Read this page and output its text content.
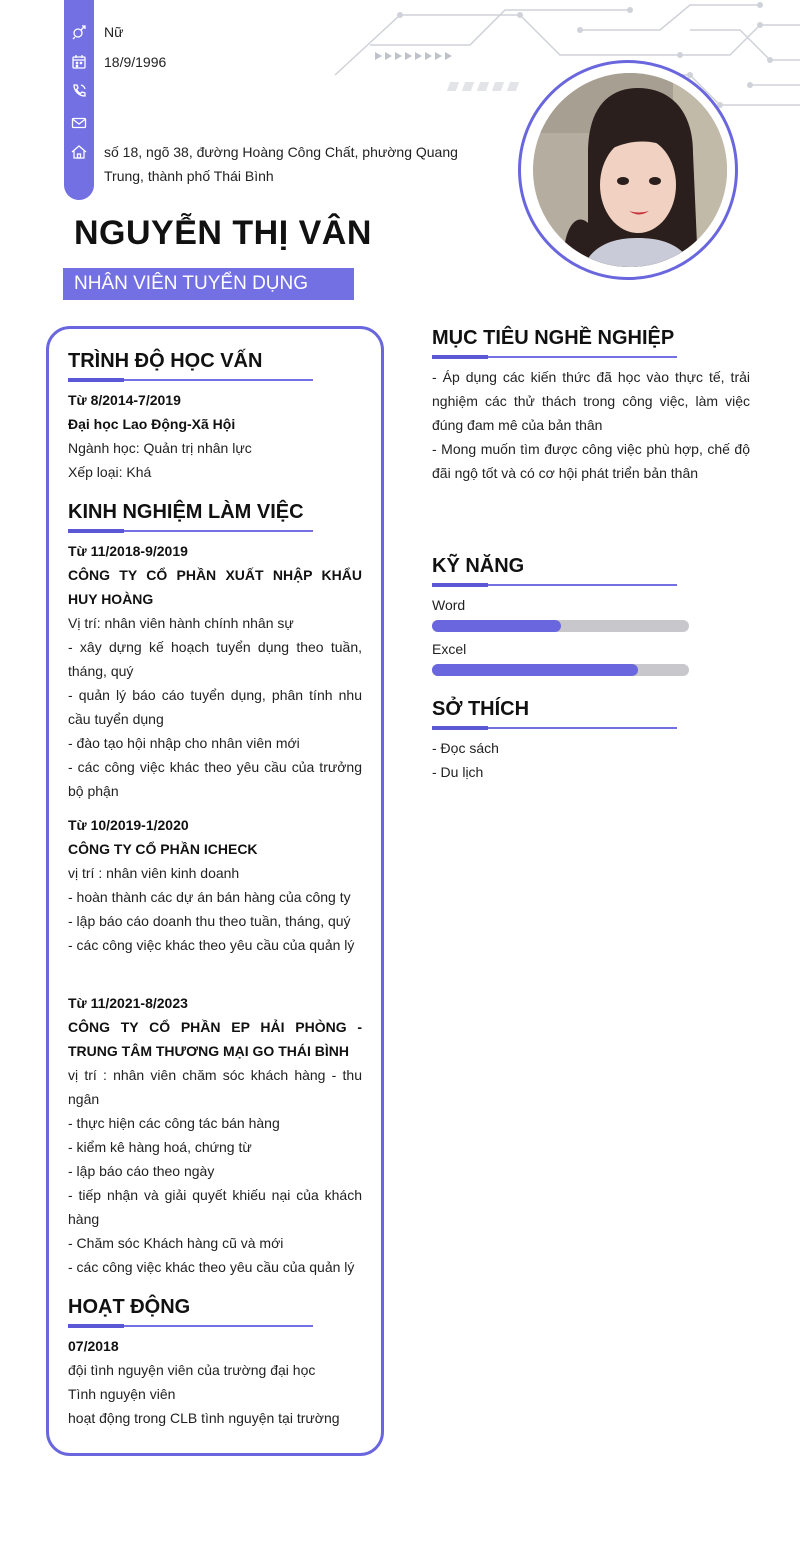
Nữ
18/9/1996
số 18, ngõ 38, đường Hoàng Công Chất, phường Quang
Trung, thành phố Thái Bình
NGUYỄN THỊ VÂN
NHÂN VIÊN TUYỂN DỤNG
TRÌNH ĐỘ HỌC VẤN
Từ 8/2014-7/2019
Đại học Lao Động-Xã Hội
Ngành học: Quản trị nhân lực
Xếp loại: Khá
KINH NGHIỆM LÀM VIỆC
Từ 11/2018-9/2019
CÔNG TY CỔ PHẦN XUẤT NHẬP KHẨU HUY HOÀNG
Vị trí: nhân viên hành chính nhân sự
- xây dựng kế hoạch tuyển dụng theo tuần, tháng, quý
- quản lý báo cáo tuyển dụng, phân tính nhu cầu tuyển dụng
- đào tạo hội nhập cho nhân viên mới
- các công việc khác theo yêu cầu của trưởng bộ phận
Từ 10/2019-1/2020
CÔNG TY CỔ PHẦN ICHECK
vị trí : nhân viên kinh doanh
- hoàn thành các dự án bán hàng của công ty
- lập báo cáo doanh thu theo tuần, tháng, quý
- các công việc khác theo yêu cầu của quản lý
Từ 11/2021-8/2023
CÔNG TY CỔ PHẦN EP HẢI PHÒNG - TRUNG TÂM THƯƠNG MẠI GO THÁI BÌNH
vị trí : nhân viên chăm sóc khách hàng - thu ngân
- thực hiện các công tác bán hàng
- kiểm kê hàng hoá, chứng từ
- lập báo cáo theo ngày
- tiếp nhận và giải quyết khiếu nại của khách hàng
- Chăm sóc Khách hàng cũ và mới
- các công việc khác theo yêu cầu của quản lý
HOẠT ĐỘNG
07/2018
đội tình nguyện viên của trường đại học
Tình nguyện viên
hoạt động trong CLB tình nguyện tại trường
MỤC TIÊU NGHỀ NGHIỆP
- Áp dụng các kiến thức đã học vào thực tế, trải nghiệm các thử thách trong công việc, làm việc đúng đam mê của bản thân
- Mong muốn tìm được công việc phù hợp, chế độ đãi ngộ tốt và có cơ hội phát triển bản thân
KỸ NĂNG
Word
Excel
SỞ THÍCH
- Đọc sách
- Du lịch
